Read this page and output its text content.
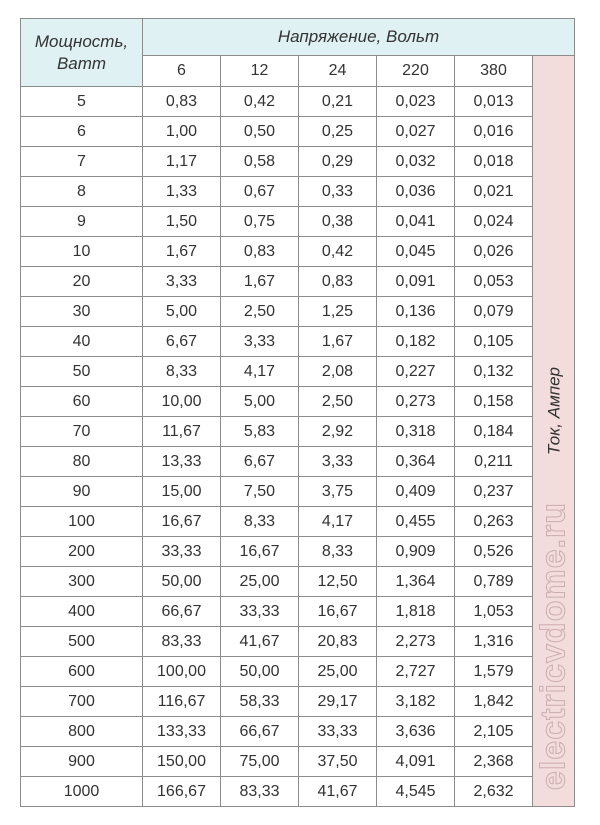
Мощность,
Ватт	Напряжение, Вольт					
	6	12	24	220	380	Ток, Ампер
electricvdome.ru

5	0,83	0,42	0,21	0,023	0,013	
6	1,00	0,50	0,25	0,027	0,016	
7	1,17	0,58	0,29	0,032	0,018	
8	1,33	0,67	0,33	0,036	0,021	
9	1,50	0,75	0,38	0,041	0,024	
10	1,67	0,83	0,42	0,045	0,026	
20	3,33	1,67	0,83	0,091	0,053	
30	5,00	2,50	1,25	0,136	0,079	
40	6,67	3,33	1,67	0,182	0,105	
50	8,33	4,17	2,08	0,227	0,132	
60	10,00	5,00	2,50	0,273	0,158	
70	11,67	5,83	2,92	0,318	0,184	
80	13,33	6,67	3,33	0,364	0,211	
90	15,00	7,50	3,75	0,409	0,237	
100	16,67	8,33	4,17	0,455	0,263	
200	33,33	16,67	8,33	0,909	0,526	
300	50,00	25,00	12,50	1,364	0,789	
400	66,67	33,33	16,67	1,818	1,053	
500	83,33	41,67	20,83	2,273	1,316	
600	100,00	50,00	25,00	2,727	1,579	
700	116,67	58,33	29,17	3,182	1,842	
800	133,33	66,67	33,33	3,636	2,105	
900	150,00	75,00	37,50	4,091	2,368	
1000	166,67	83,33	41,67	4,545	2,632	
